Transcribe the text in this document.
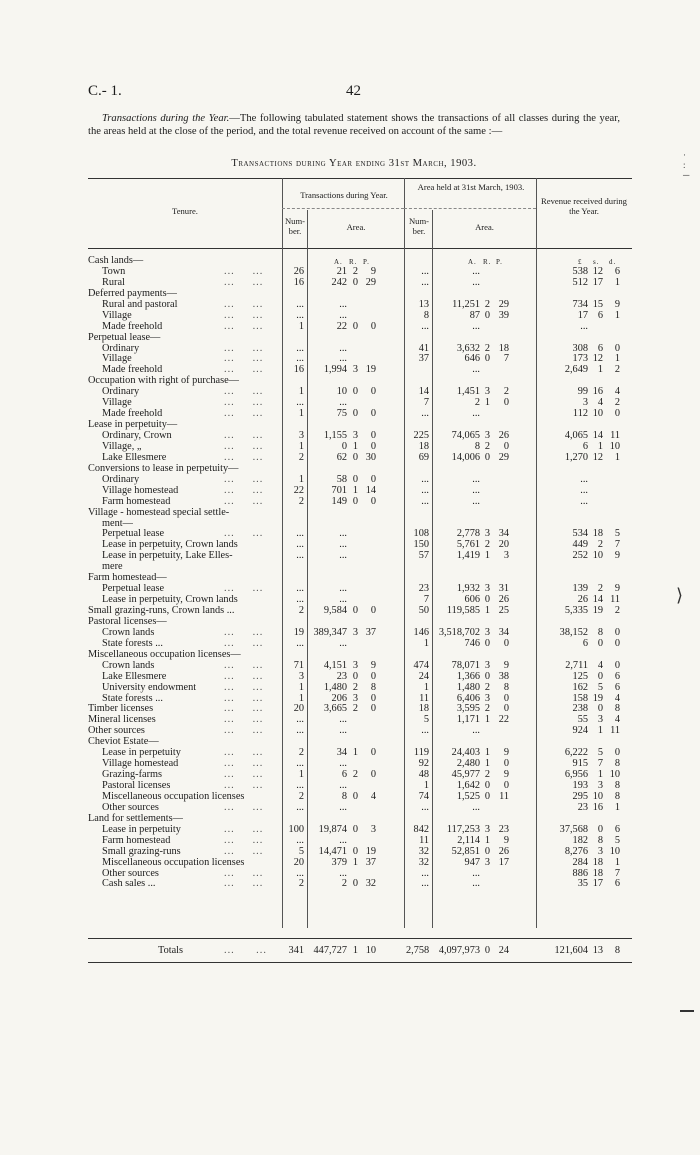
C.- 1.	42
Transactions during the Year.—The following tabulated statement shows the transactions of all classes during the year, the areas held at the close of the period, and the total revenue received on account of the same :—
Transactions during Year ending 31st March, 1903.
Tenure.
Transactions during Year.
Area held at 31st March, 1903.
Revenue received during the Year.
Num-ber.	Area.
Num-ber.	Area.
A. R. P.	A. R. P.	£ s. d.
Cash lands—
Town	...     ...	26	21 2	9	...	...	538 12	6
Rural	...     ...	16	242 0 29	...	...	512 17	1
Deferred payments—
Rural and pastoral	...     ...	...	...	13	11,251 2 29	734 15	9
Village	...     ...	...	...	8	87 0 39	17 6	1
Made freehold	...     ...	1	22 0	0	...	...	...
Perpetual lease—
Ordinary	...     ...	...	...	41	3,632 2 18	308 6	0
Village	...     ...	...	...	37	646 0	7	173 12	1
Made freehold	...     ...	16	1,994 3 19	...	2,649 1	2
Occupation with right of purchase—
Ordinary	...     ...	1	10 0	0	14	1,451 3	2	99 16	4
Village	...     ...	...	...	7	2 1	0	3 4	2
Made freehold	...     ...	1	75 0	0	...	...	112 10	0
Lease in perpetuity—
Ordinary, Crown	...     ...	3	1,155 3	0	225	74,065 3 26	4,065 14 11
Village, „	...     ...	1	0 1	0	18	8 2	0	6 1 10
Lake Ellesmere	...     ...	2	62 0 30	69	14,006 0 29	1,270 12	1
Conversions to lease in perpetuity—
Ordinary	...     ...	1	58 0	0	...	...	...
Village homestead	...     ...	22	701 1 14	...	...	...
Farm homestead	...     ...	2	149 0	0	...	...	...
Village - homestead special settle-
ment—
Perpetual lease	...     ...	...	...	108	2,778 3 34	534 18	5
Lease in perpetuity, Crown lands	...	...	150	5,761 2 20	449 2	7
Lease in perpetuity, Lake Elles-	...	...	57	1,419 1	3	252 10	9
mere
Farm homestead—
Perpetual lease	...     ...	...	...	23	1,932 3 31	139 2	9
Lease in perpetuity, Crown lands	...	...	7	606 0 26	26 14 11
Small grazing-runs, Crown lands ...	2	9,584 0	0	50	119,585 1 25	5,335 19	2
Pastoral licenses—
Crown lands	...     ...	19 389,347 3 37	146 3,518,702 3 34	38,152 8	0
State forests ...	...     ...	...	...	1	746 0	0	6 0	0
Miscellaneous occupation licenses—
Crown lands	...     ...	71	4,151 3	9	474	78,071 3	9	2,711 4	0
Lake Ellesmere	...     ...	3	23 0	0	24	1,366 0 38	125 0	6
University endowment	...     ...	1	1,480 2	8	1	1,480 2	8	162 5	6
State forests ...	...     ...	1	206 3	0	11	6,406 3	0	158 19	4
Timber licenses	...     ...	20	3,665 2	0	18	3,595 2	0	238 0	8
Mineral licenses	...     ...	...	...	5	1,171 1 22	55 3	4
Other sources	...     ...	...	...	...	...	924 1 11
Cheviot Estate—
Lease in perpetuity	...     ...	2	34 1	0	119	24,403 1	9	6,222 5	0
Village homestead	...     ...	...	...	92	2,480 1	0	915 7	8
Grazing-farms	...     ...	1	6 2	0	48	45,977 2	9	6,956 1 10
Pastoral licenses	...     ...	...	...	1	1,642 0	0	193 3	8
Miscellaneous occupation licenses	2	8 0	4	74	1,525 0 11	295 10	8
Other sources	...     ...	...	...	...	...	23 16	1
Land for settlements—
Lease in perpetuity	...     ...	100	19,874 0	3	842	117,253 3 23	37,568 0	6
Farm homestead	...     ...	...	...	11	2,114 1	9	182 8	5
Small grazing-runs	...     ...	5	14,471 0 19	32	52,851 0 26	8,276 3 10
Miscellaneous occupation licenses	20	379 1 37	32	947 3 17	284 18	1
Other sources	...     ...	...	...	...	...	886 18	7
Cash sales ...	...     ...	2	2 0 32	...	...	35 17	6
Totals	...      ...	341 447,727 1 10	2,758 4,097,973 0 24	121,604 13	8
·
:
─
⟩
